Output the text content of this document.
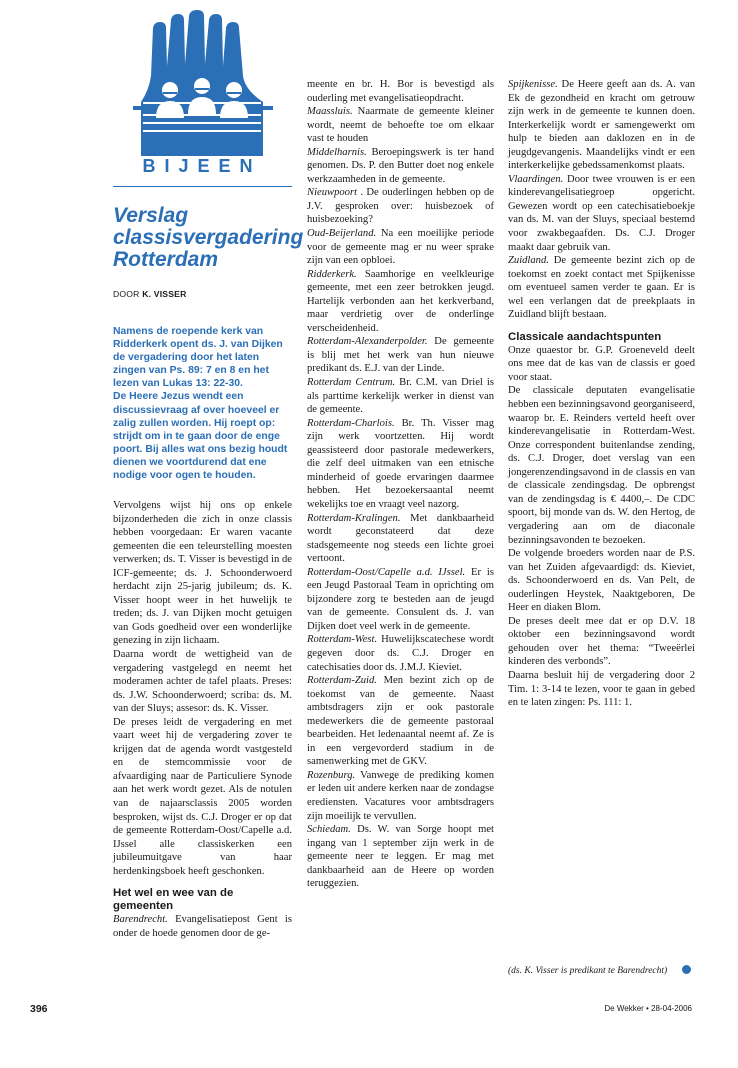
BIJEEN
Verslag classisvergadering Rotterdam
DOOR K. VISSER

Namens de roepende kerk van Ridderkerk opent ds. J. van Dijken de vergadering door het laten zingen van Ps. 89: 7 en 8 en het lezen van Lukas 13: 22-30.

De Heere Jezus wendt een discussievraag af over hoeveel er zalig zullen worden. Hij roept op: strijdt om in te gaan door de enge poort. Bij alles wat ons bezig houdt dienen we voortdurend dat ene nodige voor ogen te houden.

Vervolgens wijst hij ons op enkele bijzonderheden die zich in onze classis hebben voorgedaan: Er waren vacante gemeenten die een teleurstelling moesten verwerken; ds. T. Visser is bevestigd in de ICF-gemeente; ds. J. Schoonderwoerd herdacht zijn 25-jarig jubileum; ds. K. Visser hoopt weer in het huwelijk te treden; ds. J. van Dijken mocht getuigen van Gods goedheid over een wonderlijke genezing in zijn lichaam.

Daarna wordt de wettigheid van de vergadering vastgelegd en neemt het moderamen achter de tafel plaats. Preses: ds. J.W. Schoonderwoerd; scriba: ds. M. van der Sluys; assesor: ds. K. Visser.

De preses leidt de vergadering en met vaart weet hij de vergadering zover te krijgen dat de agenda wordt vastgesteld en de stemcommissie voor de afvaardiging naar de Particuliere Synode aan het werk wordt gezet. Als de notulen van de najaarsclassis 2005 worden besproken, wijst ds. C.J. Droger er op dat de gemeente Rotterdam-Oost/Capelle a.d. IJssel alle classiskerken een jubileumuitgave van haar herdenkingsboek heeft geschonken.

Het wel en wee van de gemeenten

Barendrecht. Evangelisatiepost Gent is onder de hoede genomen door de ge-

meente en br. H. Bor is bevestigd als ouderling met evangelisatieopdracht.

Maassluis. Naarmate de gemeente kleiner wordt, neemt de behoefte toe om elkaar vast te houden

Middelharnis. Beroepingswerk is ter hand genomen. Ds. P. den Butter doet nog enkele werkzaamheden in de gemeente.

Nieuwpoort . De ouderlingen hebben op de J.V. gesproken over: huisbezoek of huisbezoeking?

Oud-Beijerland. Na een moeilijke periode voor de gemeente mag er nu weer sprake zijn van een opbloei.

Ridderkerk. Saamhorige en veelkleurige gemeente, met een zeer betrokken jeugd. Hartelijk verbonden aan het kerkverband, maar verdrietig over de onderlinge verscheidenheid.

Rotterdam-Alexanderpolder. De gemeente is blij met het werk van hun nieuwe predikant ds. E.J. van der Linde.

Rotterdam Centrum. Br. C.M. van Driel is als parttime kerkelijk werker in dienst van de gemeente.

Rotterdam-Charlois. Br. Th. Visser mag zijn werk voortzetten. Hij wordt geassisteerd door pastorale medewerkers, die zelf deel uitmaken van een etnische minderheid of goede ervaringen daarmee hebben. Het bezoekersaantal neemt wekelijks toe en vraagt veel nazorg.

Rotterdam-Kralingen. Met dankbaarheid wordt geconstateerd dat deze stadsgemeente nog steeds een lichte groei vertoont.

Rotterdam-Oost/Capelle a.d. IJssel. Er is een Jeugd Pastoraal Team in oprichting om bijzondere zorg te besteden aan de jeugd van de gemeente. Consulent ds. J. van Dijken doet veel werk in de gemeente.

Rotterdam-West. Huwelijkscatechese wordt gegeven door ds. C.J. Droger en catechisaties door ds. J.M.J. Kieviet.

Rotterdam-Zuid. Men bezint zich op de toekomst van de gemeente. Naast ambtsdragers zijn er ook pastorale medewerkers die de gemeente pastoraal bearbeiden. Het ledenaantal neemt af. Ze is in een vergevorderd stadium in de samenwerking met de GKV.

Rozenburg. Vanwege de prediking komen er leden uit andere kerken naar de zondagse erediensten. Vacatures voor ambtsdragers zijn moeilijk te vervullen.

Schiedam. Ds. W. van Sorge hoopt met ingang van 1 september zijn werk in de gemeente neer te leggen. Er mag met dankbaarheid aan de Heere op worden teruggezien.

Spijkenisse. De Heere geeft aan ds. A. van Ek de gezondheid en kracht om getrouw zijn werk in de gemeente te kunnen doen. Interkerkelijk wordt er samengewerkt om hulp te bieden aan daklozen en in de jeugdgevangenis. Maandelijks vindt er een interkerkelijke gebedssamenkomst plaats.

Vlaardingen. Door twee vrouwen is er een kinderevangelisatiegroep opgericht. Gewezen wordt op een catechisatieboekje van ds. M. van der Sluys, speciaal bestemd voor zwakbegaafden. Ds. C.J. Droger maakt daar gebruik van.

Zuidland. De gemeente bezint zich op de toekomst en zoekt contact met Spijkenisse om eventueel samen verder te gaan. Er is wel een verlangen dat de preekplaats in Zuidland blijft bestaan.

Classicale aandachtspunten

Onze quaestor br. G.P. Groeneveld deelt ons mee dat de kas van de classis er goed voor staat.

De classicale deputaten evangelisatie hebben een bezinningsavond georganiseerd, waarop br. E. Reinders verteld heeft over kinderevangelisatie in Rotterdam-West. Onze correspondent buitenlandse zending, ds. C.J. Droger, doet verslag van een jongerenzendingsavond in de classis en van de classicale zendingsdag. De opbrengst van de zendingsdag is € 4400,–. De CDC spoort, bij monde van ds. W. den Hertog, de vergadering aan om de diaconale bezinningsavonden te bezoeken.

De volgende broeders worden naar de P.S. van het Zuiden afgevaardigd: ds. Kieviet, ds. Schoonderwoerd en ds. Van Pelt, de ouderlingen Heystek, Naaktgeboren, De Heer en diaken Blom.

De preses deelt mee dat er op D.V. 18 oktober een bezinningsavond wordt gehouden over het thema: “Tweeërlei kinderen des verbonds”.

Daarna besluit hij de vergadering door 2 Tim. 1: 3-14 te lezen, voor te gaan in gebed en te laten zingen: Ps. 111: 1.

(ds. K. Visser is predikant te Barendrecht)
396	De Wekker • 28-04-2006
